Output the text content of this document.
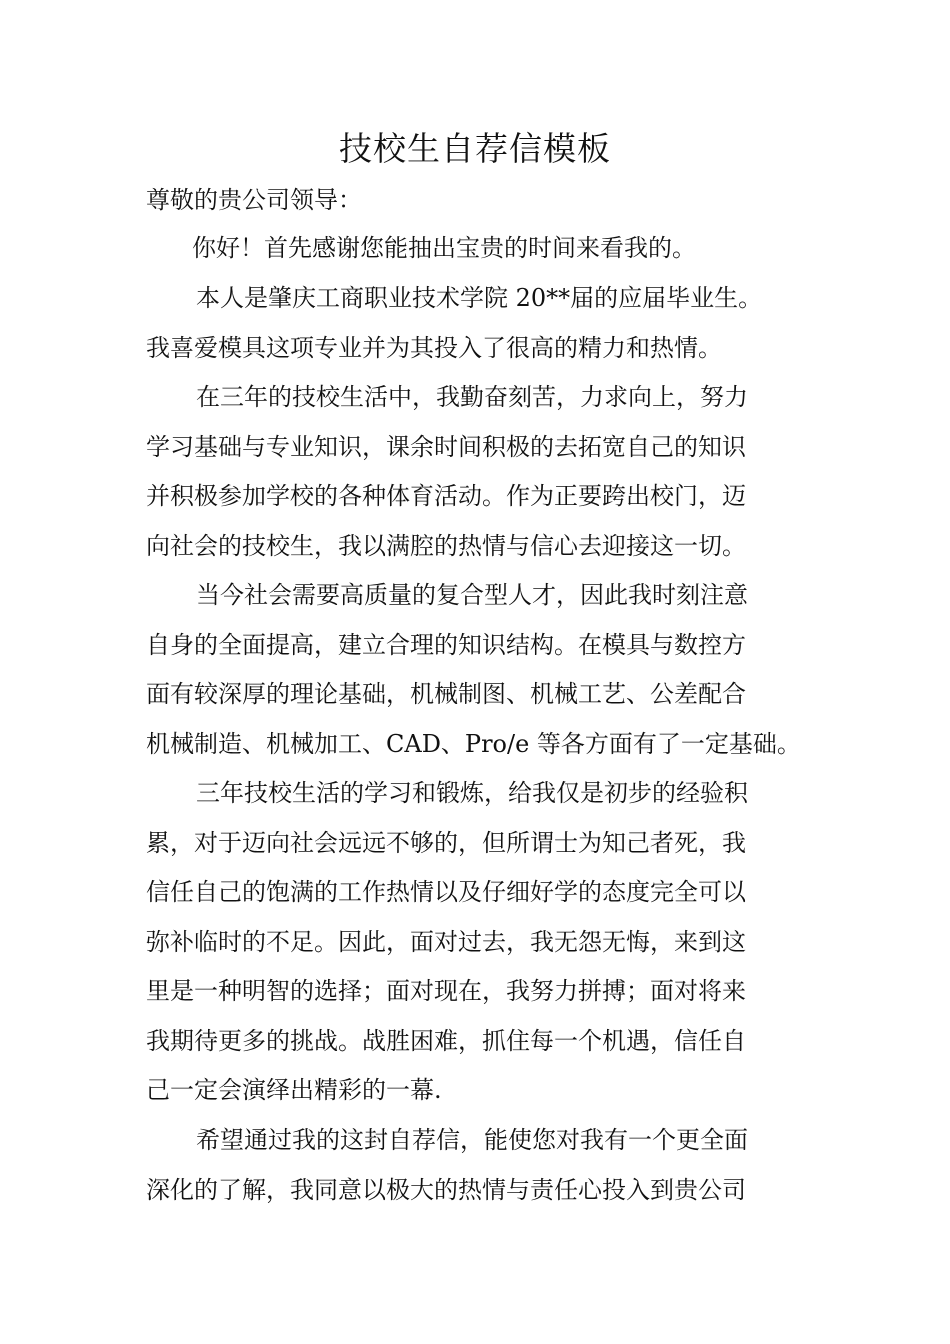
技校生自荐信模板

尊敬的贵公司领导：

你好！首先感谢您能抽出宝贵的时间来看我的。

本人是肇庆工商职业技术学院 20**届的应届毕业生。
我喜爱模具这项专业并为其投入了很高的精力和热情。

在三年的技校生活中，我勤奋刻苦，力求向上，努力
学习基础与专业知识，课余时间积极的去拓宽自己的知识
并积极参加学校的各种体育活动。作为正要跨出校门，迈
向社会的技校生，我以满腔的热情与信心去迎接这一切。

当今社会需要高质量的复合型人才，因此我时刻注意
自身的全面提高，建立合理的知识结构。在模具与数控方
面有较深厚的理论基础，机械制图、机械工艺、公差配合
机械制造、机械加工、CAD、Pro/e 等各方面有了一定基础。

三年技校生活的学习和锻炼，给我仅是初步的经验积
累，对于迈向社会远远不够的，但所谓士为知己者死，我
信任自己的饱满的工作热情以及仔细好学的态度完全可以
弥补临时的不足。因此，面对过去，我无怨无悔，来到这
里是一种明智的选择；面对现在，我努力拼搏；面对将来
我期待更多的挑战。战胜困难，抓住每一个机遇，信任自
己一定会演绎出精彩的一幕.

希望通过我的这封自荐信，能使您对我有一个更全面
深化的了解，我同意以极大的热情与责任心投入到贵公司
